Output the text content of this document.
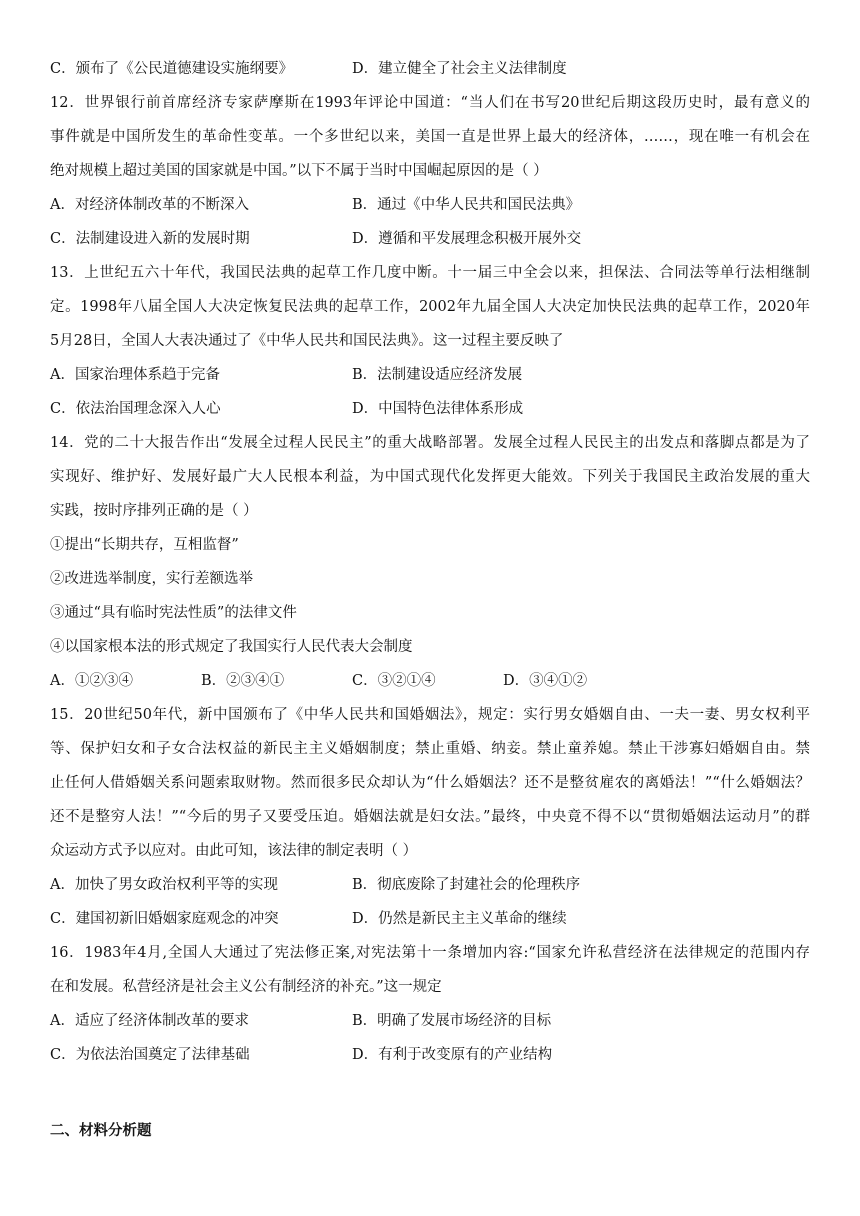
C．颁布了《公民道德建设实施纲要》	D．建立健全了社会主义法律制度
12．世界银行前首席经济专家萨摩斯在1993年评论中国道：“当人们在书写20世纪后期这段历史时，最有意义的
事件就是中国所发生的革命性变革。一个多世纪以来，美国一直是世界上最大的经济体，……，现在唯一有机会在
绝对规模上超过美国的国家就是中国。”以下不属于当时中国崛起原因的是（ ）
A．对经济体制改革的不断深入	B．通过《中华人民共和国民法典》
C．法制建设进入新的发展时期	D．遵循和平发展理念积极开展外交
13．上世纪五六十年代，我国民法典的起草工作几度中断。十一届三中全会以来，担保法、合同法等单行法相继制
定。1998年八届全国人大决定恢复民法典的起草工作，2002年九届全国人大决定加快民法典的起草工作，2020年
5月28日，全国人大表决通过了《中华人民共和国民法典》。这一过程主要反映了
A．国家治理体系趋于完备	B．法制建设适应经济发展
C．依法治国理念深入人心	D．中国特色法律体系形成
14．党的二十大报告作出“发展全过程人民民主”的重大战略部署。发展全过程人民民主的出发点和落脚点都是为了
实现好、维护好、发展好最广大人民根本利益，为中国式现代化发挥更大能效。下列关于我国民主政治发展的重大
实践，按时序排列正确的是（ ）
①提出“长期共存，互相监督”
②改进选举制度，实行差额选举
③通过“具有临时宪法性质”的法律文件
④以国家根本法的形式规定了我国实行人民代表大会制度
A．①②③④	B．②③④①	C．③②①④	D．③④①②
15．20世纪50年代，新中国颁布了《中华人民共和国婚姻法》，规定：实行男女婚姻自由、一夫一妻、男女权利平
等、保护妇女和子女合法权益的新民主主义婚姻制度；禁止重婚、纳妾。禁止童养媳。禁止干涉寡妇婚姻自由。禁
止任何人借婚姻关系问题索取财物。然而很多民众却认为“什么婚姻法？还不是整贫雇农的离婚法！”“什么婚姻法？
还不是整穷人法！”“今后的男子又要受压迫。婚姻法就是妇女法。”最终，中央竟不得不以“贯彻婚姻法运动月”的群
众运动方式予以应对。由此可知，该法律的制定表明（ ）
A．加快了男女政治权利平等的实现	B．彻底废除了封建社会的伦理秩序
C．建国初新旧婚姻家庭观念的冲突	D．仍然是新民主主义革命的继续
16．1983年4月,全国人大通过了宪法修正案,对宪法第十一条增加内容:“国家允许私营经济在法律规定的范围内存
在和发展。私营经济是社会主义公有制经济的补充。”这一规定
A．适应了经济体制改革的要求	B．明确了发展市场经济的目标
C．为依法治国奠定了法律基础	D．有利于改变原有的产业结构
二、材料分析题
